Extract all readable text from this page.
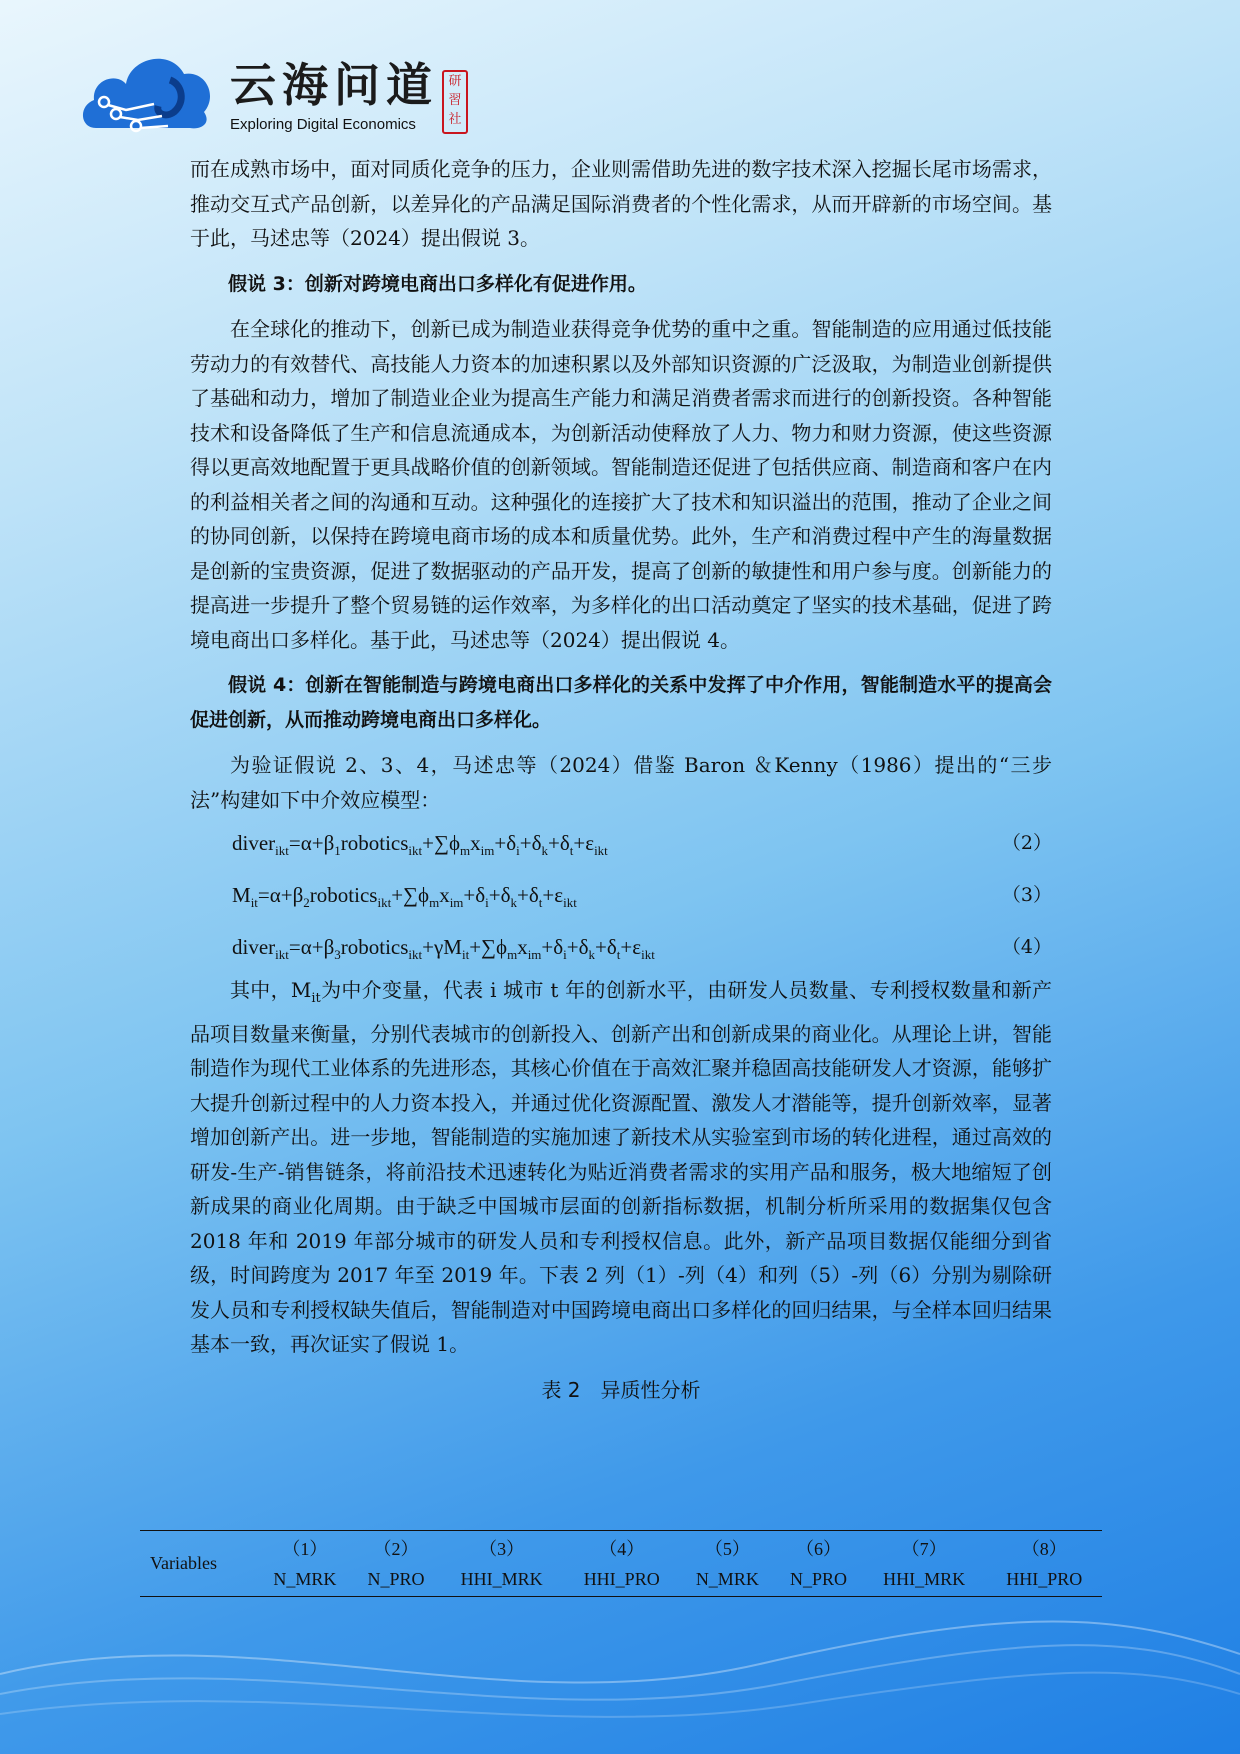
云海问道
Exploring Digital Economics
研習社

而在成熟市场中，面对同质化竞争的压力，企业则需借助先进的数字技术深入挖掘长尾市场需求，推动交互式产品创新，以差异化的产品满足国际消费者的个性化需求，从而开辟新的市场空间。基于此，马述忠等（2024）提出假说 3。

假说 3：创新对跨境电商出口多样化有促进作用。

在全球化的推动下，创新已成为制造业获得竞争优势的重中之重。智能制造的应用通过低技能劳动力的有效替代、高技能人力资本的加速积累以及外部知识资源的广泛汲取，为制造业创新提供了基础和动力，增加了制造业企业为提高生产能力和满足消费者需求而进行的创新投资。各种智能技术和设备降低了生产和信息流通成本，为创新活动使释放了人力、物力和财力资源，使这些资源得以更高效地配置于更具战略价值的创新领域。智能制造还促进了包括供应商、制造商和客户在内的利益相关者之间的沟通和互动。这种强化的连接扩大了技术和知识溢出的范围，推动了企业之间的协同创新，以保持在跨境电商市场的成本和质量优势。此外，生产和消费过程中产生的海量数据是创新的宝贵资源，促进了数据驱动的产品开发，提高了创新的敏捷性和用户参与度。创新能力的提高进一步提升了整个贸易链的运作效率，为多样化的出口活动奠定了坚实的技术基础，促进了跨境电商出口多样化。基于此，马述忠等（2024）提出假说 4。

假说 4：创新在智能制造与跨境电商出口多样化的关系中发挥了中介作用，智能制造水平的提高会促进创新，从而推动跨境电商出口多样化。

为验证假说 2、3、4，马述忠等（2024）借鉴 Baron ＆Kenny（1986）提出的“三步法”构建如下中介效应模型：

$diver_{ikt}=\alpha+\beta_1robotics_{ikt}+\sum\phi_mx_{im}+\delta_i+\delta_k+\delta_t+\varepsilon_{ikt}$	（2）
$M_{it}=\alpha+\beta_2robotics_{ikt}+\sum\phi_mx_{im}+\delta_i+\delta_k+\delta_t+\varepsilon_{ikt}$	（3）
$diver_{ikt}=\alpha+\beta_3robotics_{ikt}+\gamma M_{it}+\sum\phi_mx_{im}+\delta_i+\delta_k+\delta_t+\varepsilon_{ikt}$	（4）

其中，$M_{it}$为中介变量，代表 i 城市 t 年的创新水平，由研发人员数量、专利授权数量和新产品项目数量来衡量，分别代表城市的创新投入、创新产出和创新成果的商业化。从理论上讲，智能制造作为现代工业体系的先进形态，其核心价值在于高效汇聚并稳固高技能研发人才资源，能够扩大提升创新过程中的人力资本投入，并通过优化资源配置、激发人才潜能等，提升创新效率，显著增加创新产出。进一步地，智能制造的实施加速了新技术从实验室到市场的转化进程，通过高效的研发-生产-销售链条，将前沿技术迅速转化为贴近消费者需求的实用产品和服务，极大地缩短了创新成果的商业化周期。由于缺乏中国城市层面的创新指标数据，机制分析所采用的数据集仅包含 2018 年和 2019 年部分城市的研发人员和专利授权信息。此外，新产品项目数据仅能细分到省级，时间跨度为 2017 年至 2019 年。下表 2 列（1）-列（4）和列（5）-列（6）分别为剔除研发人员和专利授权缺失值后，智能制造对中国跨境电商出口多样化的回归结果，与全样本回归结果基本一致，再次证实了假说 1。

表 2　异质性分析
Variables	（1）	（2）	（3）	（4）	（5）	（6）	（7）	（8）
	N_MRK	N_PRO	HHI_MRK	HHI_PRO	N_MRK	N_PRO	HHI_MRK	HHI_PRO
